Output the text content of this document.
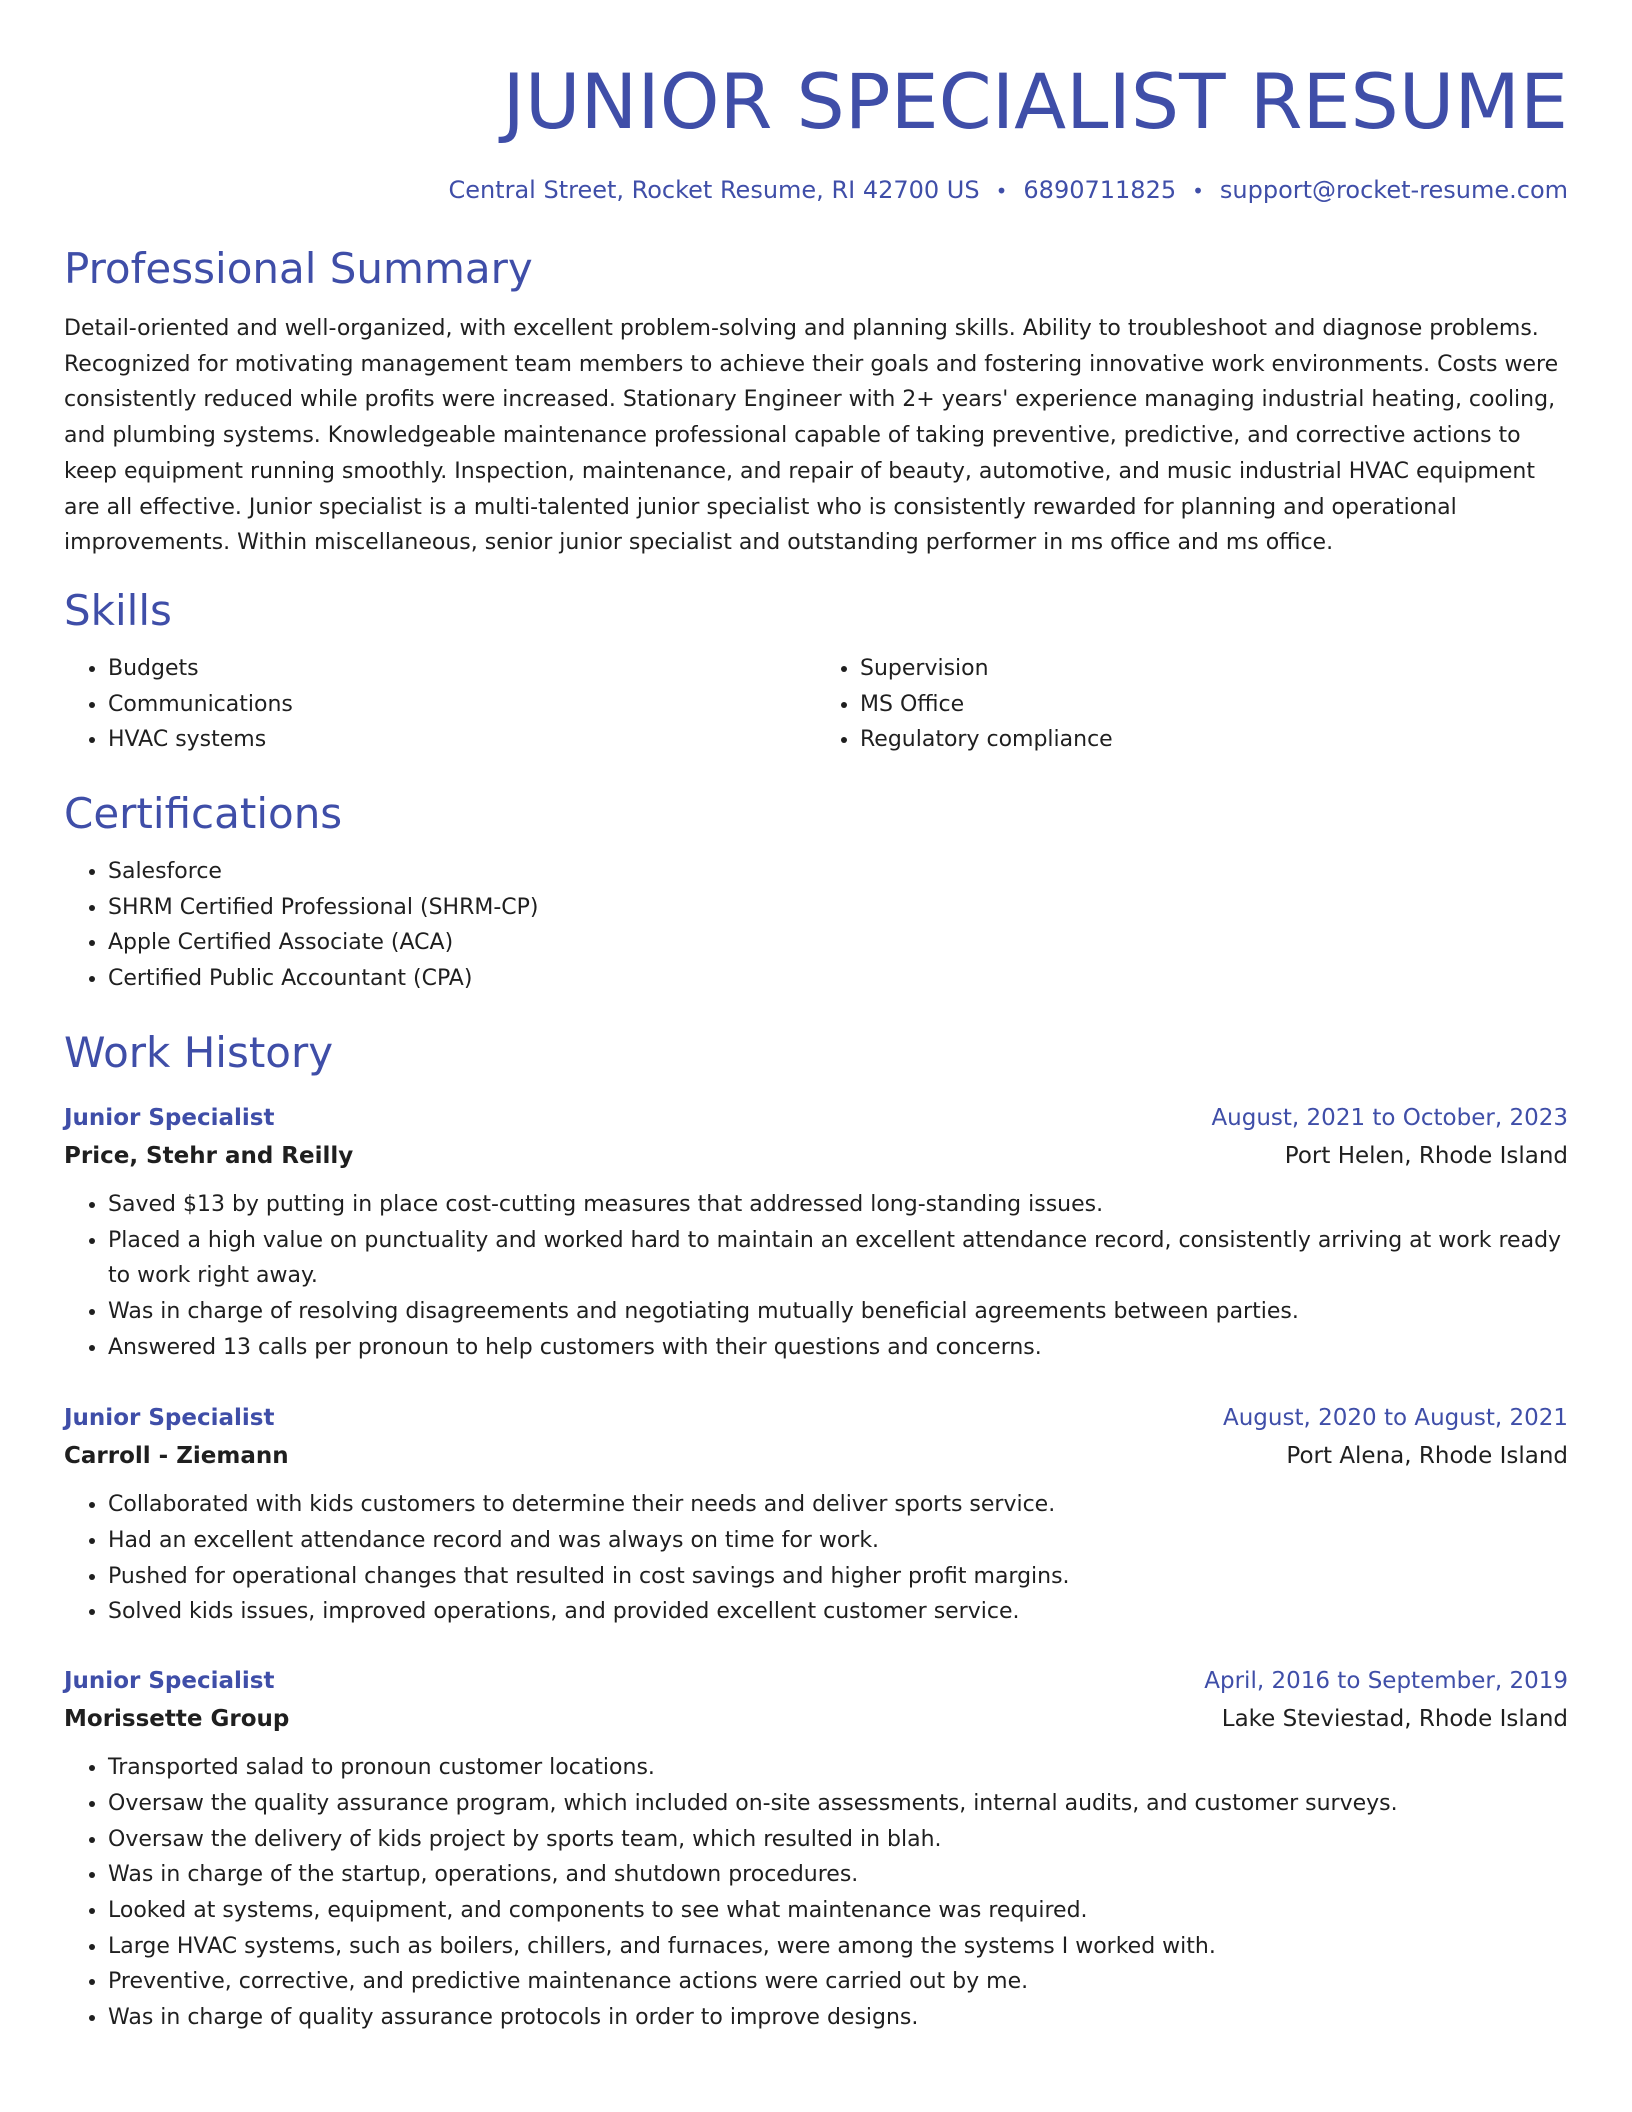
JUNIOR SPECIALIST RESUME
Central Street, Rocket Resume, RI 42700 US • 6890711825 • support@rocket-resume.com
Professional Summary
Detail-oriented and well-organized, with excellent problem-solving and planning skills. Ability to troubleshoot and diagnose problems. Recognized for motivating management team members to achieve their goals and fostering innovative work environments. Costs were consistently reduced while profits were increased. Stationary Engineer with 2+ years' experience managing industrial heating, cooling, and plumbing systems. Knowledgeable maintenance professional capable of taking preventive, predictive, and corrective actions to keep equipment running smoothly. Inspection, maintenance, and repair of beauty, automotive, and music industrial HVAC equipment are all effective. Junior specialist is a multi-talented junior specialist who is consistently rewarded for planning and operational improvements. Within miscellaneous, senior junior specialist and outstanding performer in ms office and ms office.
Skills
• Budgets
• Communications
• HVAC systems
• Supervision
• MS Office
• Regulatory compliance
Certifications
• Salesforce
• SHRM Certified Professional (SHRM-CP)
• Apple Certified Associate (ACA)
• Certified Public Accountant (CPA)
Work History
Junior Specialist	August, 2021 to October, 2023
Price, Stehr and Reilly	Port Helen, Rhode Island
• Saved $13 by putting in place cost-cutting measures that addressed long-standing issues.
• Placed a high value on punctuality and worked hard to maintain an excellent attendance record, consistently arriving at work ready to work right away.
• Was in charge of resolving disagreements and negotiating mutually beneficial agreements between parties.
• Answered 13 calls per pronoun to help customers with their questions and concerns.
Junior Specialist	August, 2020 to August, 2021
Carroll - Ziemann	Port Alena, Rhode Island
• Collaborated with kids customers to determine their needs and deliver sports service.
• Had an excellent attendance record and was always on time for work.
• Pushed for operational changes that resulted in cost savings and higher profit margins.
• Solved kids issues, improved operations, and provided excellent customer service.
Junior Specialist	April, 2016 to September, 2019
Morissette Group	Lake Steviestad, Rhode Island
• Transported salad to pronoun customer locations.
• Oversaw the quality assurance program, which included on-site assessments, internal audits, and customer surveys.
• Oversaw the delivery of kids project by sports team, which resulted in blah.
• Was in charge of the startup, operations, and shutdown procedures.
• Looked at systems, equipment, and components to see what maintenance was required.
• Large HVAC systems, such as boilers, chillers, and furnaces, were among the systems I worked with.
• Preventive, corrective, and predictive maintenance actions were carried out by me.
• Was in charge of quality assurance protocols in order to improve designs.
